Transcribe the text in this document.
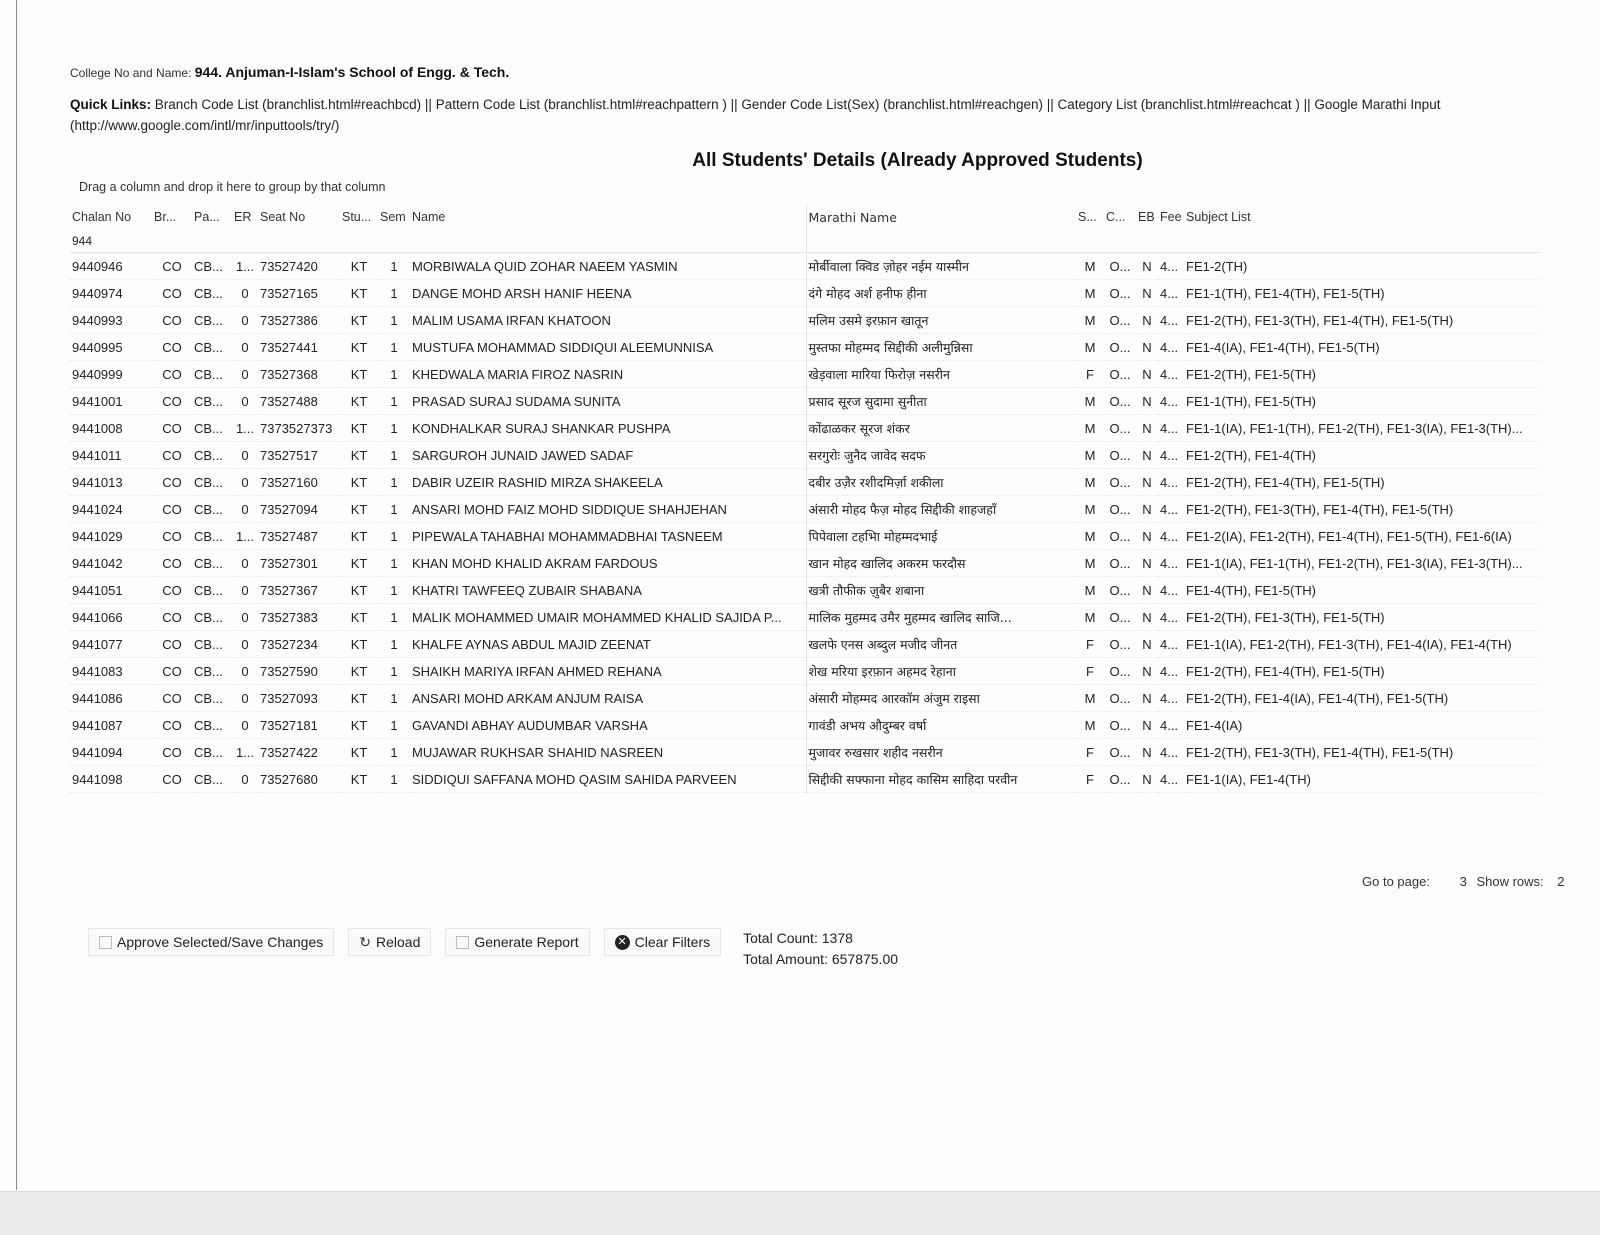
College No and Name: 944. Anjuman-I-Islam's School of Engg. & Tech.
Quick Links: Branch Code List (branchlist.html#reachbcd) || Pattern Code List (branchlist.html#reachpattern ) || Gender Code List(Sex) (branchlist.html#reachgen) || Category List (branchlist.html#reachcat ) || Google Marathi Input (http://www.google.com/intl/mr/inputtools/try/)
All Students' Details (Already Approved Students)
Drag a column and drop it here to group by that column
Chalan No	Br...	Pa...	ER	Seat No	Stu...	Sem	Name	Marathi Name	S...	C...	EB	Fee	Subject List
944													
9440946	CO	CB...	1...	73527420	KT	1	MORBIWALA QUID ZOHAR NAEEM YASMIN	मोर्बीवाला क्विड ज़ोहर नईम यास्मीन	M	O...	N	4...	FE1-2(TH)
9440974	CO	CB...	0	73527165	KT	1	DANGE MOHD ARSH HANIF HEENA	दंगे मोहद अर्श हनीफ हीना	M	O...	N	4...	FE1-1(TH), FE1-4(TH), FE1-5(TH)
9440993	CO	CB...	0	73527386	KT	1	MALIM USAMA IRFAN KHATOON	मलिम उसमे इरफ़ान खातून	M	O...	N	4...	FE1-2(TH), FE1-3(TH), FE1-4(TH), FE1-5(TH)
9440995	CO	CB...	0	73527441	KT	1	MUSTUFA MOHAMMAD SIDDIQUI ALEEMUNNISA	मुस्तफा मोहम्मद सिद्दीकी अलीमुन्निसा	M	O...	N	4...	FE1-4(IA), FE1-4(TH), FE1-5(TH)
9440999	CO	CB...	0	73527368	KT	1	KHEDWALA MARIA FIROZ NASRIN	खेड़वाला मारिया फिरोज़ नसरीन	F	O...	N	4...	FE1-2(TH), FE1-5(TH)
9441001	CO	CB...	0	73527488	KT	1	PRASAD SURAJ SUDAMA SUNITA	प्रसाद सूरज सुदामा सुनीता	M	O...	N	4...	FE1-1(TH), FE1-5(TH)
9441008	CO	CB...	1...	7373527373	KT	1	KONDHALKAR SURAJ SHANKAR PUSHPA	कोंढाळकर सूरज शंकर	M	O...	N	4...	FE1-1(IA), FE1-1(TH), FE1-2(TH), FE1-3(IA), FE1-3(TH)...
9441011	CO	CB...	0	73527517	KT	1	SARGUROH JUNAID JAWED SADAF	सरगुरोः जुनैद जावेद सदफ	M	O...	N	4...	FE1-2(TH), FE1-4(TH)
9441013	CO	CB...	0	73527160	KT	1	DABIR UZEIR RASHID MIRZA SHAKEELA	दबीर उज़ैर रशीदमिर्ज़ा शकीला	M	O...	N	4...	FE1-2(TH), FE1-4(TH), FE1-5(TH)
9441024	CO	CB...	0	73527094	KT	1	ANSARI MOHD FAIZ MOHD SIDDIQUE SHAHJEHAN	अंसारी मोहद फैज़ मोहद सिद्दीकी शाहजहाँ	M	O...	N	4...	FE1-2(TH), FE1-3(TH), FE1-4(TH), FE1-5(TH)
9441029	CO	CB...	1...	73527487	KT	1	PIPEWALA TAHABHAI MOHAMMADBHAI TASNEEM	पिपेवाला टहभिा मोहम्मदभाई	M	O...	N	4...	FE1-2(IA), FE1-2(TH), FE1-4(TH), FE1-5(TH), FE1-6(IA)
9441042	CO	CB...	0	73527301	KT	1	KHAN MOHD KHALID AKRAM FARDOUS	खान मोहद खालिद अकरम फरदौस	M	O...	N	4...	FE1-1(IA), FE1-1(TH), FE1-2(TH), FE1-3(IA), FE1-3(TH)...
9441051	CO	CB...	0	73527367	KT	1	KHATRI TAWFEEQ ZUBAIR SHABANA	खत्री तौफीक ज़ुबैर शबाना	M	O...	N	4...	FE1-4(TH), FE1-5(TH)
9441066	CO	CB...	0	73527383	KT	1	MALIK MOHAMMED UMAIR MOHAMMED KHALID SAJIDA P...	मालिक मुहम्मद उमैर मुहम्मद खालिद साजि...	M	O...	N	4...	FE1-2(TH), FE1-3(TH), FE1-5(TH)
9441077	CO	CB...	0	73527234	KT	1	KHALFE AYNAS ABDUL MAJID ZEENAT	खलफे एनस अब्दुल मजीद जीनत	F	O...	N	4...	FE1-1(IA), FE1-2(TH), FE1-3(TH), FE1-4(IA), FE1-4(TH)
9441083	CO	CB...	0	73527590	KT	1	SHAIKH MARIYA IRFAN AHMED REHANA	शेख मरिया इरफ़ान अहमद रेहाना	F	O...	N	4...	FE1-2(TH), FE1-4(TH), FE1-5(TH)
9441086	CO	CB...	0	73527093	KT	1	ANSARI MOHD ARKAM ANJUM RAISA	अंसारी मोहम्मद आरकॉम अंजुम राइसा	M	O...	N	4...	FE1-2(TH), FE1-4(IA), FE1-4(TH), FE1-5(TH)
9441087	CO	CB...	0	73527181	KT	1	GAVANDI ABHAY AUDUMBAR VARSHA	गावंडी अभय औदुम्बर वर्षा	M	O...	N	4...	FE1-4(IA)
9441094	CO	CB...	1...	73527422	KT	1	MUJAWAR RUKHSAR SHAHID NASREEN	मुजावर रुखसार शहीद नसरीन	F	O...	N	4...	FE1-2(TH), FE1-3(TH), FE1-4(TH), FE1-5(TH)
9441098	CO	CB...	0	73527680	KT	1	SIDDIQUI SAFFANA MOHD QASIM SAHIDA PARVEEN	सिद्दीकी सफ्फाना मोहद कासिम साहिदा परवीन	F	O...	N	4...	FE1-1(IA), FE1-4(TH)
Go to page: 3 Show rows: 2
Approve Selected/Save Changes	↻ Reload	Generate Report	✕ Clear Filters Total Count: 1378
Total Amount: 657875.00
